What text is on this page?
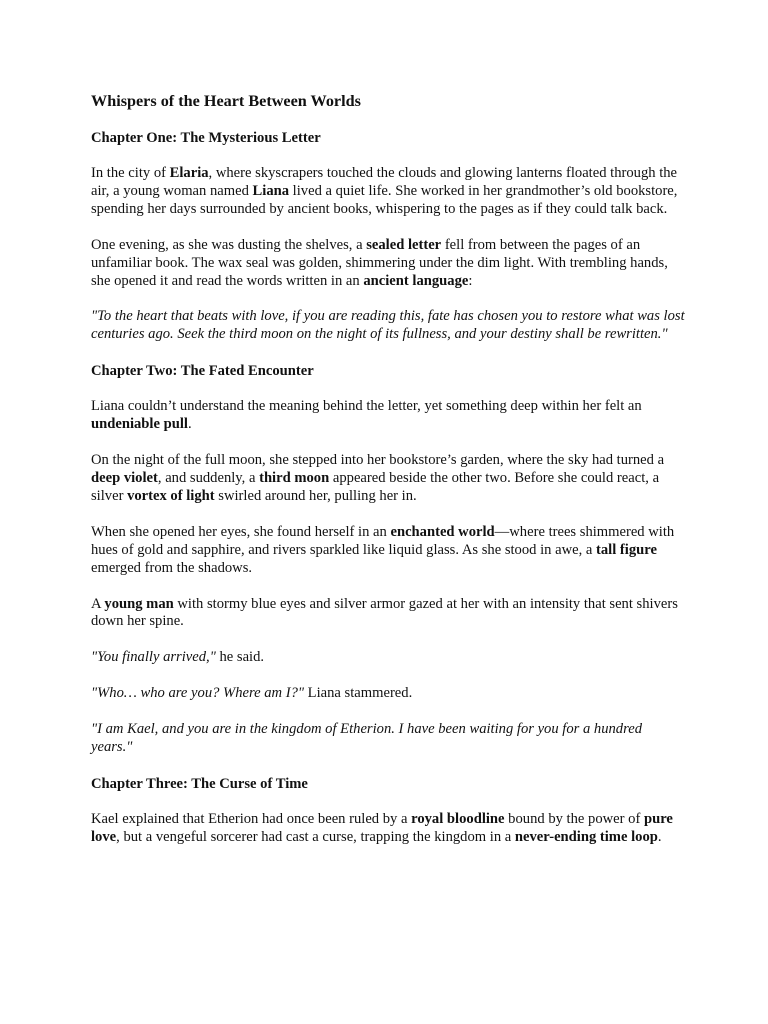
Whispers of the Heart Between Worlds
Chapter One: The Mysterious Letter

In the city of Elaria, where skyscrapers touched the clouds and glowing lanterns floated through the air, a young woman named Liana lived a quiet life. She worked in her grandmother’s old bookstore, spending her days surrounded by ancient books, whispering to the pages as if they could talk back.

One evening, as she was dusting the shelves, a sealed letter fell from between the pages of an unfamiliar book. The wax seal was golden, shimmering under the dim light. With trembling hands, she opened it and read the words written in an ancient language:

"To the heart that beats with love, if you are reading this, fate has chosen you to restore what was lost centuries ago. Seek the third moon on the night of its fullness, and your destiny shall be rewritten."

Chapter Two: The Fated Encounter

Liana couldn’t understand the meaning behind the letter, yet something deep within her felt an undeniable pull.

On the night of the full moon, she stepped into her bookstore’s garden, where the sky had turned a deep violet, and suddenly, a third moon appeared beside the other two. Before she could react, a silver vortex of light swirled around her, pulling her in.

When she opened her eyes, she found herself in an enchanted world—where trees shimmered with hues of gold and sapphire, and rivers sparkled like liquid glass. As she stood in awe, a tall figure emerged from the shadows.

A young man with stormy blue eyes and silver armor gazed at her with an intensity that sent shivers down her spine.

"You finally arrived," he said.

"Who… who are you? Where am I?" Liana stammered.

"I am Kael, and you are in the kingdom of Etherion. I have been waiting for you for a hundred years."

Chapter Three: The Curse of Time

Kael explained that Etherion had once been ruled by a royal bloodline bound by the power of pure love, but a vengeful sorcerer had cast a curse, trapping the kingdom in a never-ending time loop.
